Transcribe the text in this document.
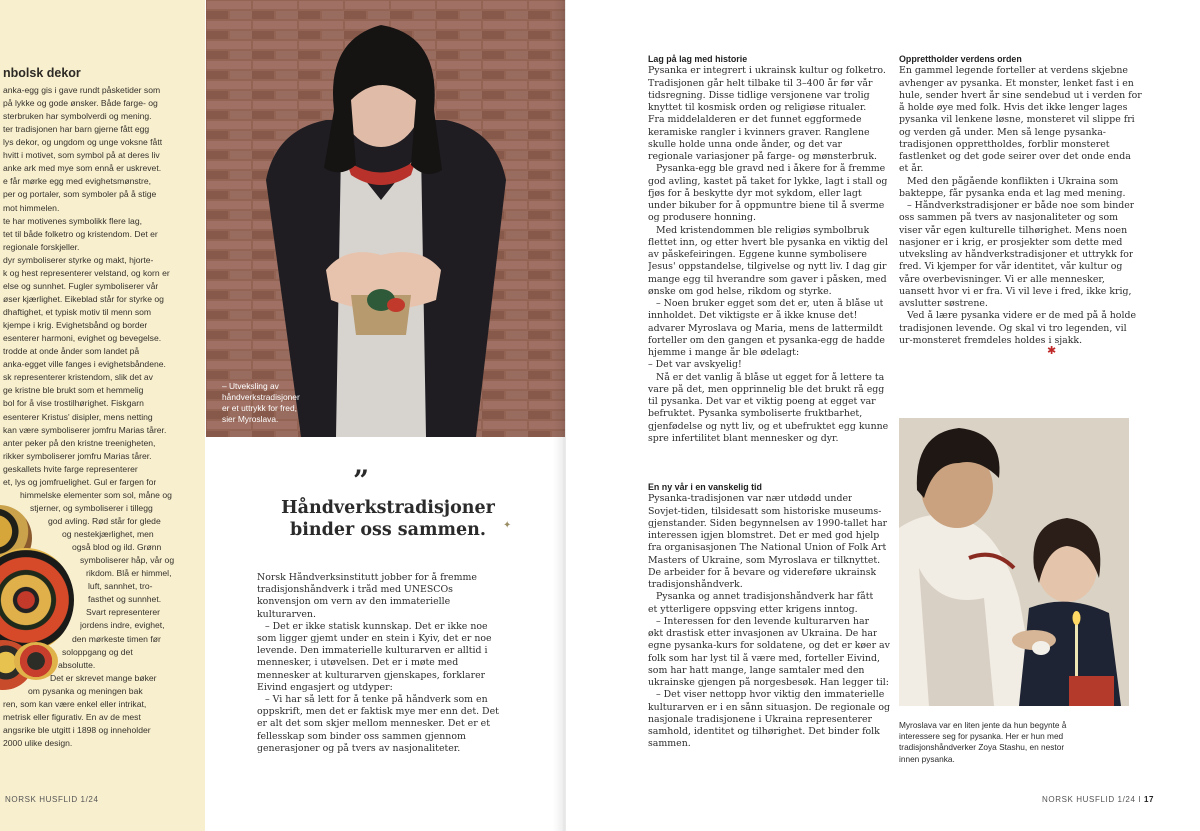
nbolsk dekor
anka-egg gis i gave rundt påsketider som
på lykke og gode ønsker. Både farge- og
sterbruken har symbolverdi og mening.
ter tradisjonen har barn gjerne fått egg
lys dekor, og ungdom og unge voksne fått
hvitt i motivet, som symbol på at deres liv
anke ark med mye som ennå er uskrevet.
e får mørke egg med evighetsmønstre,
per og portaler, som symboler på å stige
mot himmelen.
te har motivenes symbolikk flere lag,
tet til både folketro og kristendom. Det er
regionale forskjeller.
dyr symboliserer styrke og makt, hjorte-
k og hest representerer velstand, og korn er
else og sunnhet. Fugler symboliserer vår
øser kjærlighet. Eikeblad står for styrke og
dhaftighet, et typisk motiv til menn som
kjempe i krig. Evighetsbånd og border
esenterer harmoni, evighet og bevegelse.
trodde at onde ånder som landet på
anka-egget ville fanges i evighetsbåndene.
sk representerer kristendom, slik det av
ge kristne ble brukt som et hemmelig
bol for å vise trostilhørighet. Fiskgarn
esenterer Kristus' disipler, mens netting
kan være symboliserer jomfru Marias tårer.
anter peker på den kristne treenigheten,
rikker symboliserer jomfru Marias tårer.
geskallets hvite farge representerer
et, lys og jomfruelighet. Gul er fargen for
himmelske elementer som sol, måne og
stjerner, og symboliserer i tillegg
god avling. Rød står for glede
og nestekjærlighet, men
også blod og ild. Grønn
symboliserer håp, vår og
rikdom. Blå er himmel,
luft, sannhet, tro-
fasthet og sunnhet.
Svart representerer
jordens indre, evighet,
den mørkeste timen før
soloppgang og det
absolutte.
Det er skrevet mange bøker
om pysanka og meningen bak
ren, som kan være enkel eller intrikat,
metrisk eller figurativ. En av de mest
angsrike ble utgitt i 1898 og inneholder
2000 ulike design.
NORSK HUSFLID 1/24
– Utveksling av
håndverkstradisjoner
er et uttrykk for fred,
sier Myroslava.
”
Håndverkstradisjoner binder oss sammen.	✦
Norsk Håndverksinstitutt jobber for å fremme
tradisjonshåndverk i tråd med UNESCOs
konvensjon om vern av den immaterielle
kulturarven.
– Det er ikke statisk kunnskap. Det er ikke noe
som ligger gjemt under en stein i Kyiv, det er noe
levende. Den immaterielle kulturarven er alltid i
mennesker, i utøvelsen. Det er i møte med
mennesker at kulturarven gjenskapes, forklarer
Eivind engasjert og utdyper:
– Vi har så lett for å tenke på håndverk som en
oppskrift, men det er faktisk mye mer enn det. Det
er alt det som skjer mellom mennesker. Det er et
fellesskap som binder oss sammen gjennom
generasjoner og på tvers av nasjonaliteter.
Lag på lag med historie
Pysanka er integrert i ukrainsk kultur og folketro.
Tradisjonen går helt tilbake til 3–400 år før vår
tidsregning. Disse tidlige versjonene var trolig
knyttet til kosmisk orden og religiøse ritualer.
Fra middelalderen er det funnet eggformede
keramiske rangler i kvinners graver. Ranglene
skulle holde unna onde ånder, og det var
regionale variasjoner på farge- og mønsterbruk.
Pysanka-egg ble gravd ned i åkere for å fremme
god avling, kastet på taket for lykke, lagt i stall og
fjøs for å beskytte dyr mot sykdom, eller lagt
under bikuber for å oppmuntre biene til å sverme
og produsere honning.
Med kristendommen ble religiøs symbolbruk
flettet inn, og etter hvert ble pysanka en viktig del
av påskefeiringen. Eggene kunne symbolisere
Jesus' oppstandelse, tilgivelse og nytt liv. I dag gir
mange egg til hverandre som gaver i påsken, med
ønske om god helse, rikdom og styrke.
– Noen bruker egget som det er, uten å blåse ut
innholdet. Det viktigste er å ikke knuse det!
advarer Myroslava og Maria, mens de lattermildt
forteller om den gangen et pysanka-egg de hadde
hjemme i mange år ble ødelagt:
– Det var avskyelig!
Nå er det vanlig å blåse ut egget for å lettere ta
vare på det, men opprinnelig ble det brukt rå egg
til pysanka. Det var et viktig poeng at egget var
befruktet. Pysanka symboliserte fruktbarhet,
gjenfødelse og nytt liv, og et ubefruktet egg kunne
spre infertilitet blant mennesker og dyr.
En ny vår i en vanskelig tid
Pysanka-tradisjonen var nær utdødd under
Sovjet-tiden, tilsidesatt som historiske museums-
gjenstander. Siden begynnelsen av 1990-tallet har
interessen igjen blomstret. Det er med god hjelp
fra organisasjonen The National Union of Folk Art
Masters of Ukraine, som Myroslava er tilknyttet.
De arbeider for å bevare og videreføre ukrainsk
tradisjonshåndverk.
Pysanka og annet tradisjonshåndverk har fått
et ytterligere oppsving etter krigens inntog.
– Interessen for den levende kulturarven har
økt drastisk etter invasjonen av Ukraina. De har
egne pysanka-kurs for soldatene, og det er køer av
folk som har lyst til å være med, forteller Eivind,
som har hatt mange, lange samtaler med den
ukrainske gjengen på norgesbesøk. Han legger til:
– Det viser nettopp hvor viktig den immaterielle
kulturarven er i en sånn situasjon. De regionale og
nasjonale tradisjonene i Ukraina representerer
samhold, identitet og tilhørighet. Det binder folk
sammen.
Opprettholder verdens orden
En gammel legende forteller at verdens skjebne
avhenger av pysanka. Et monster, lenket fast i en
hule, sender hvert år sine sendebud ut i verden for
å holde øye med folk. Hvis det ikke lenger lages
pysanka vil lenkene løsne, monsteret vil slippe fri
og verden gå under. Men så lenge pysanka-
tradisjonen opprettholdes, forblir monsteret
fastlenket og det gode seirer over det onde enda
et år.
Med den pågående konflikten i Ukraina som
bakteppe, får pysanka enda et lag med mening.
– Håndverkstradisjoner er både noe som binder
oss sammen på tvers av nasjonaliteter og som
viser vår egen kulturelle tilhørighet. Mens noen
nasjoner er i krig, er prosjekter som dette med
utveksling av håndverkstradisjoner et uttrykk for
fred. Vi kjemper for vår identitet, vår kultur og
våre overbevisninger. Vi er alle mennesker,
uansett hvor vi er fra. Vi vil leve i fred, ikke krig,
avslutter søstrene.
Ved å lære pysanka videre er de med på å holde
tradisjonen levende. Og skal vi tro legenden, vil
ur-monsteret fremdeles holdes i sjakk.
✱
Myroslava var en liten jente da hun begynte å
interessere seg for pysanka. Her er hun med
tradisjonshåndverker Zoya Stashu, en nestor
innen pysanka.
NORSK HUSFLID 1/24 I 17
